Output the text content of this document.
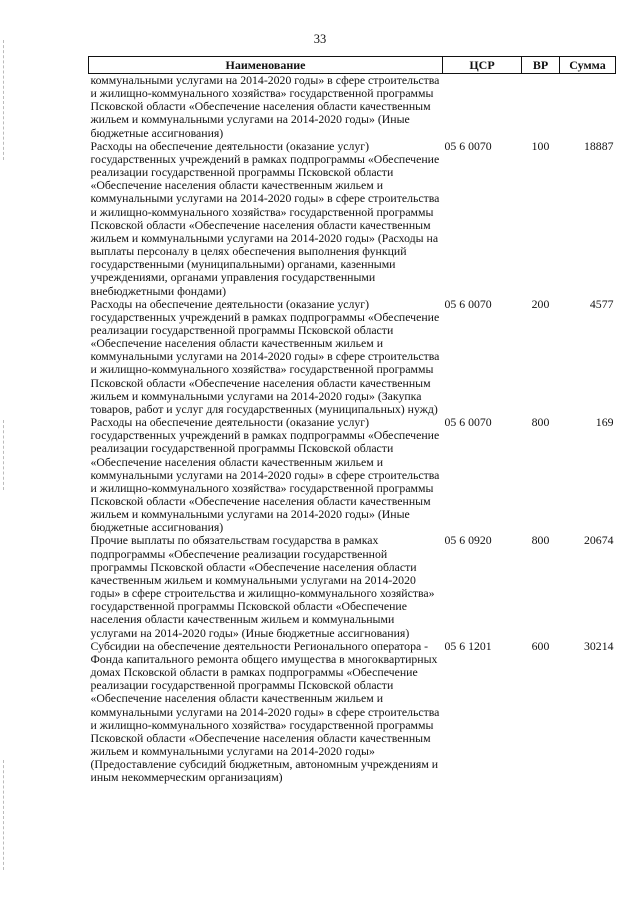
33
Наименование	ЦСР	ВР	Сумма
коммунальными услугами на 2014-2020 годы» в сфере строительства и жилищно-коммунального хозяйства» государственной программы Псковской области «Обеспечение населения области качественным жильем и коммунальными услугами на 2014-2020 годы» (Иные бюджетные ассигнования)			
Расходы на обеспечение деятельности (оказание услуг) государственных учреждений в рамках подпрограммы «Обеспечение реализации государственной программы Псковской области «Обеспечение населения области качественным жильем и коммунальными услугами на 2014-2020 годы» в сфере строительства и жилищно-коммунального хозяйства» государственной программы Псковской области «Обеспечение населения области качественным жильем и коммунальными услугами на 2014-2020 годы» (Расходы на выплаты персоналу в целях обеспечения выполнения функций государственными (муниципальными) органами, казенными учреждениями, органами управления государственными внебюджетными фондами)	05 6 0070	100	18887
Расходы на обеспечение деятельности (оказание услуг) государственных учреждений в рамках подпрограммы «Обеспечение реализации государственной программы Псковской области «Обеспечение населения области качественным жильем и коммунальными услугами на 2014-2020 годы» в сфере строительства и жилищно-коммунального хозяйства» государственной программы Псковской области «Обеспечение населения области качественным жильем и коммунальными услугами на 2014-2020 годы» (Закупка товаров, работ и услуг для государственных (муниципальных) нужд)	05 6 0070	200	4577
Расходы на обеспечение деятельности (оказание услуг) государственных учреждений в рамках подпрограммы «Обеспечение реализации государственной программы Псковской области «Обеспечение населения области качественным жильем и коммунальными услугами на 2014-2020 годы» в сфере строительства и жилищно-коммунального хозяйства» государственной программы Псковской области «Обеспечение населения области качественным жильем и коммунальными услугами на 2014-2020 годы» (Иные бюджетные ассигнования)	05 6 0070	800	169
Прочие выплаты по обязательствам государства в рамках подпрограммы «Обеспечение реализации государственной программы Псковской области «Обеспечение населения области качественным жильем и коммунальными услугами на 2014-2020 годы» в сфере строительства и жилищно-коммунального хозяйства» государственной программы Псковской области «Обеспечение населения области качественным жильем и коммунальными услугами на 2014-2020 годы» (Иные бюджетные ассигнования)	05 6 0920	800	20674
Субсидии на обеспечение деятельности Регионального оператора - Фонда капитального ремонта общего имущества в многоквартирных домах Псковской области в рамках подпрограммы «Обеспечение реализации государственной программы Псковской области «Обеспечение населения области качественным жильем и коммунальными услугами на 2014-2020 годы» в сфере строительства и жилищно-коммунального хозяйства» государственной программы Псковской области «Обеспечение населения области качественным жильем и коммунальными услугами на 2014-2020 годы» (Предоставление субсидий бюджетным, автономным учреждениям и иным некоммерческим организациям)	05 6 1201	600	30214
